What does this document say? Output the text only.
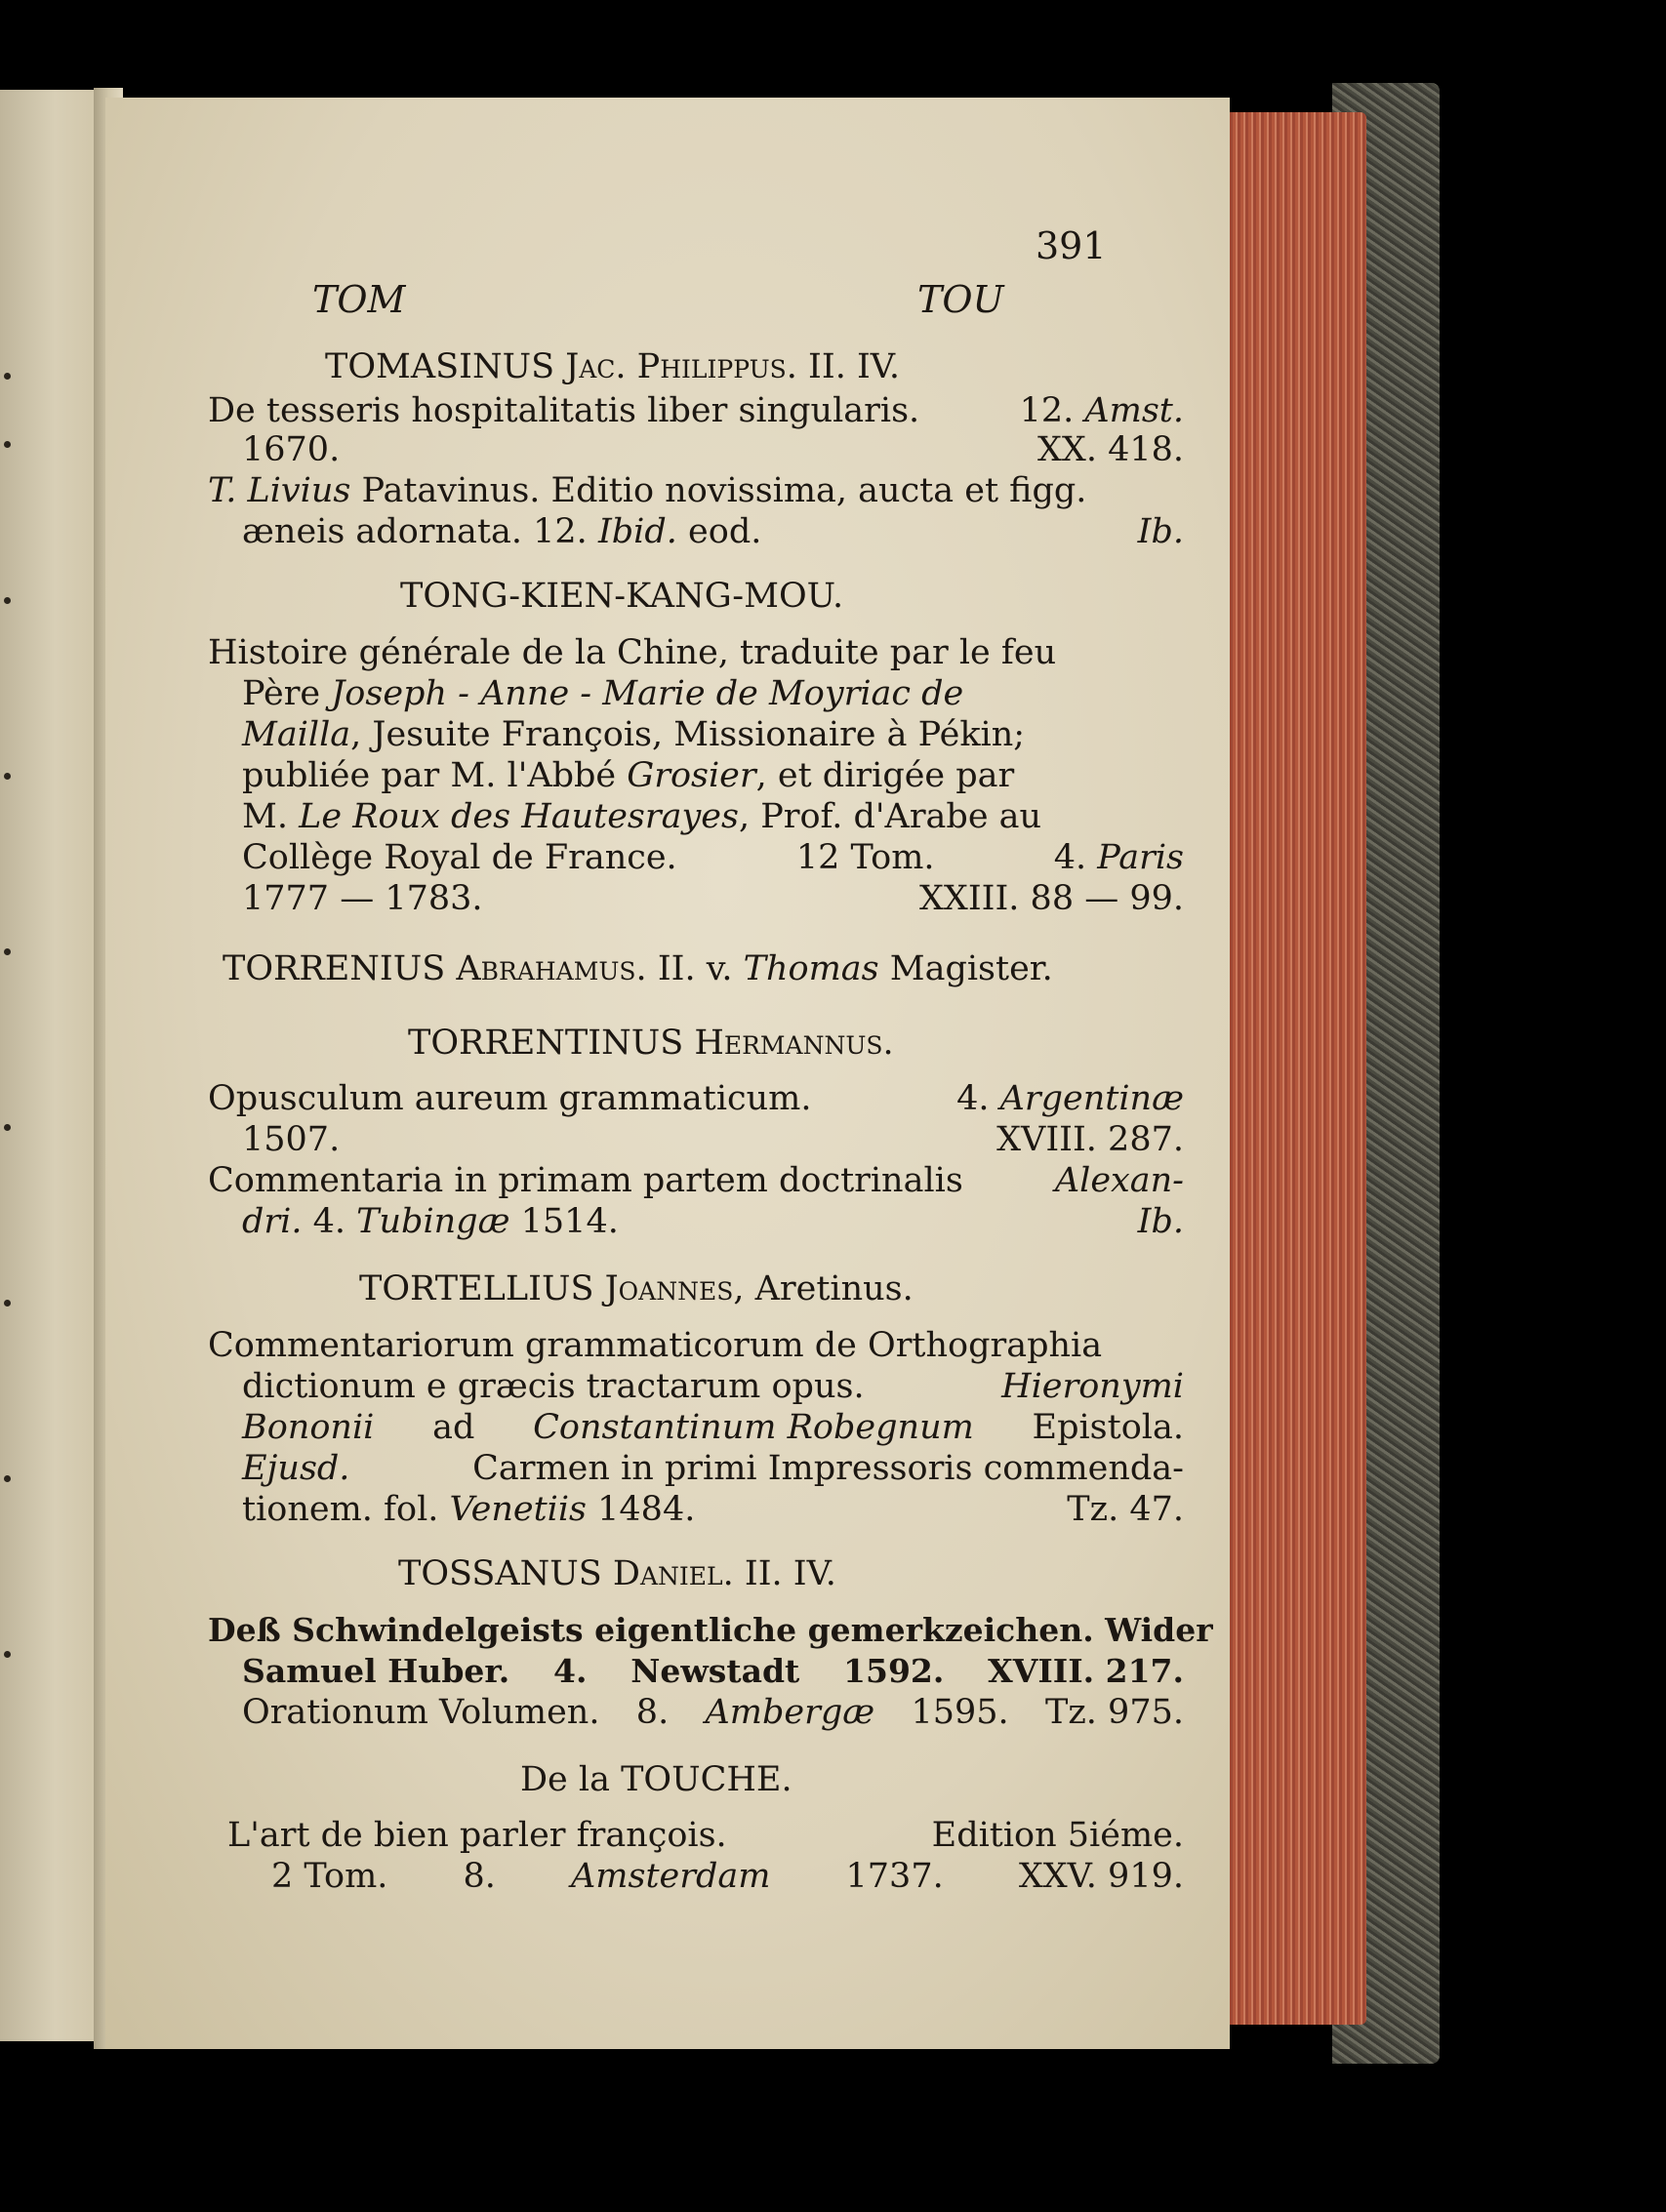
391
TOM	TOU
TOMASINUS Jac. Philippus. II. IV.
De tesseris hospitalitatis liber singularis.	12. Amst.
1670.	XX. 418.
T. Livius Patavinus. Editio novissima, aucta et figg.
æneis adornata. 12. Ibid. eod.	Ib.
TONG-KIEN-KANG-MOU.
Histoire générale de la Chine, traduite par le feu
Père Joseph - Anne - Marie de Moyriac de
Mailla, Jesuite François, Missionaire à Pékin;
publiée par M. l'Abbé Grosier, et dirigée par
M. Le Roux des Hautesrayes, Prof. d'Arabe au
Collège Royal de France.	12 Tom.	4. Paris
1777 — 1783.	XXIII. 88 — 99.
TORRENIUS Abrahamus. II. v. Thomas Magister.
TORRENTINUS Hermannus.
Opusculum aureum grammaticum.	4. Argentinæ
1507.	XVIII. 287.
Commentaria in primam partem doctrinalis	Alexan-
dri. 4. Tubingæ 1514.	Ib.
TORTELLIUS Joannes, Aretinus.
Commentariorum grammaticorum de Orthographia
dictionum e græcis tractarum opus.	Hieronymi
Bononii ad Constantinum Robegnum Epistola.
Ejusd.	Carmen in primi Impressoris commenda-
tionem. fol. Venetiis 1484.	Tz. 47.
TOSSANUS Daniel. II. IV.
Deß Schwindelgeists eigentliche gemerkzeichen. Wider
Samuel Huber. 4. Newstadt 1592. XVIII. 217.
Orationum Volumen. 8. Ambergæ 1595. Tz. 975.
De la TOUCHE.
L'art de bien parler françois.	Edition 5iéme.
2 Tom. 8. Amsterdam 1737. XXV. 919.
